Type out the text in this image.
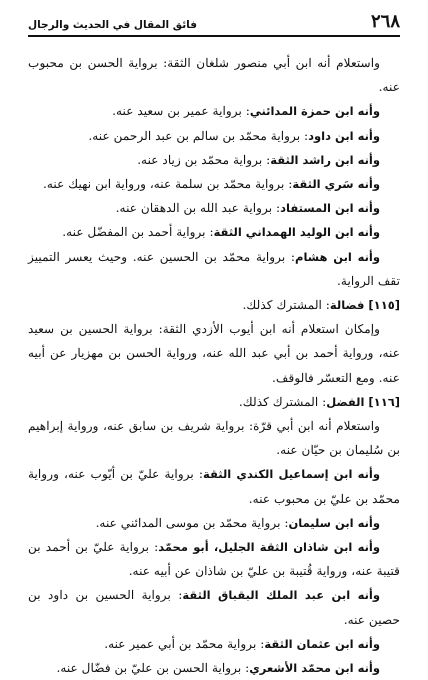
٢٦٨
فائق المقال في الحديث والرجال

واستعلام أنه ابن أبي منصور شلغان الثقة: برواية الحسن بن محبوب عنه.

وأنه ابن حمزة المدائني: برواية عمير بن سعيد عنه.

وأنه ابن داود: برواية محمّد بن سالم بن عبد الرحمن عنه.

وأنه ابن راشد الثقة: برواية محمّد بن زياد عنه.

وأنه سَري الثقة: برواية محمّد بن سلمة عنه، ورواية ابن نهيك عنه.

وأنه ابن المستفاد: برواية عبد الله بن الدهقان عنه.

وأنه ابن الوليد الهمداني الثقة: برواية أحمد بن المفضّل عنه.

وأنه ابن هشام: برواية محمّد بن الحسين عنه. وحيث يعسر التمييز تقف الرواية.

[١١٥]فضالة: المشترك كذلك.

وإمكان استعلام أنه ابن أيوب الأزدي الثقة: برواية الحسين بن سعيد عنه، ورواية أحمد بن أبي عبد الله عنه، ورواية الحسن بن مهزيار عن أبيه عنه. ومع التعسّر فالوقف.

[١١٦]الفضل: المشترك كذلك.

واستعلام أنه ابن أبي قرّة: برواية شريف بن سابق عنه، ورواية إبراهيم بن سُليمان بن حيّان عنه.

وأنه ابن إسماعيل الكندي الثقة: برواية عليّ بن أيّوب عنه، ورواية محمّد بن عليّ بن محبوب عنه.

وأنه ابن سليمان: برواية محمّد بن موسى المدائني عنه.

وأنه ابن شاذان الثقة الجليل، أبو محمّد: برواية عليّ بن أحمد بن قتيبة عنه، ورواية قُتيبة بن عليّ بن شاذان عن أبيه عنه.

وأنه ابن عبد الملك البقباق الثقة: برواية الحسين بن داود بن حصين عنه.

وأنه ابن عثمان الثقة: برواية محمّد بن أبي عمير عنه.

وأنه ابن محمّد الأشعري: برواية الحسن بن عليّ بن فضّال عنه.
